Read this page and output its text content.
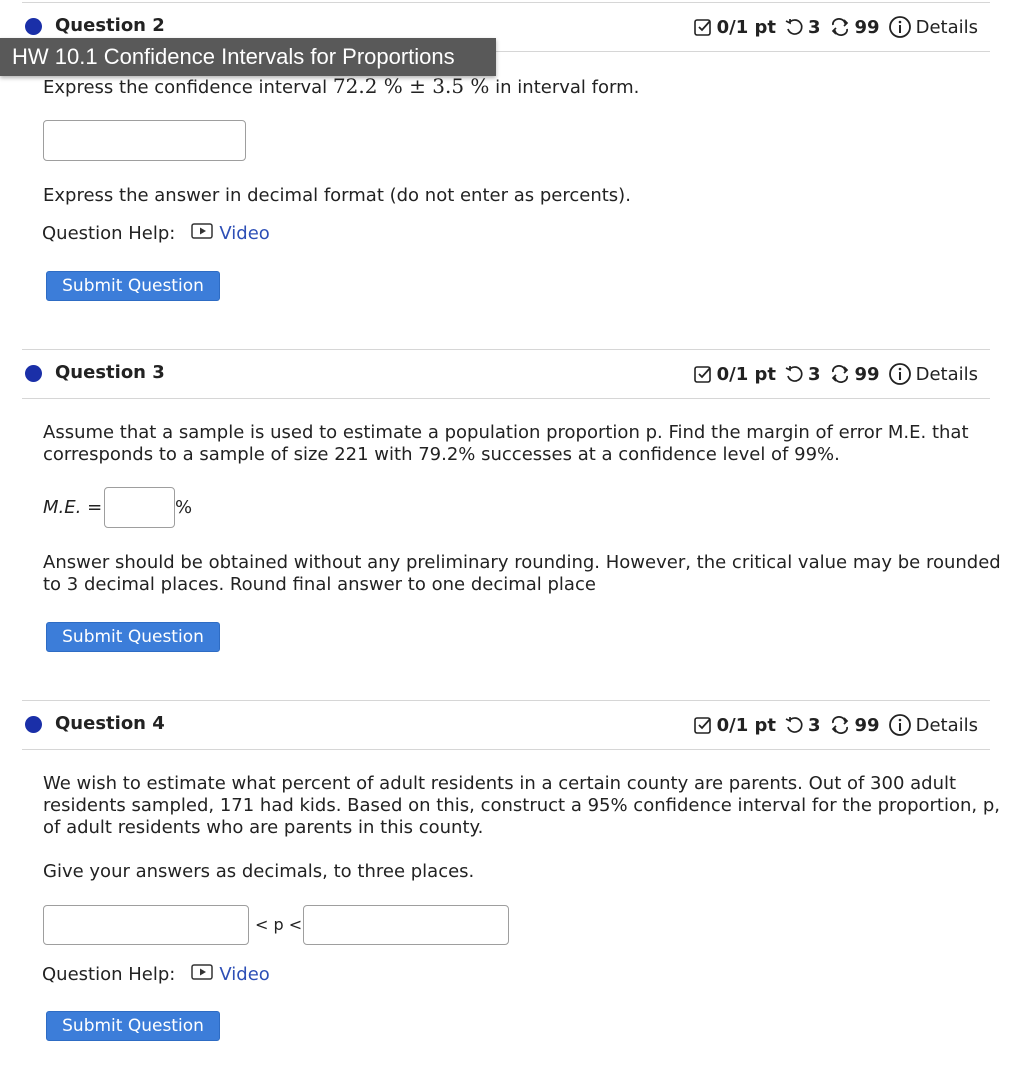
Question 2	0/1 pt 3 99 Details
HW 10.1 Confidence Intervals for Proportions
Express the confidence interval 72.2 % ± 3.5 % in interval form.
Express the answer in decimal format (do not enter as percents).
Question Help: Video
Submit Question
Question 3	0/1 pt 3 99 Details
Assume that a sample is used to estimate a population proportion p. Find the margin of error M.E. that
corresponds to a sample of size 221 with 79.2% successes at a confidence level of 99%.
M.E. =	%
Answer should be obtained without any preliminary rounding. However, the critical value may be rounded
to 3 decimal places. Round final answer to one decimal place
Submit Question
Question 4	0/1 pt 3 99 Details
We wish to estimate what percent of adult residents in a certain county are parents. Out of 300 adult
residents sampled, 171 had kids. Based on this, construct a 95% confidence interval for the proportion, p,
of adult residents who are parents in this county.
Give your answers as decimals, to three places.
< p <
Question Help: Video
Submit Question
